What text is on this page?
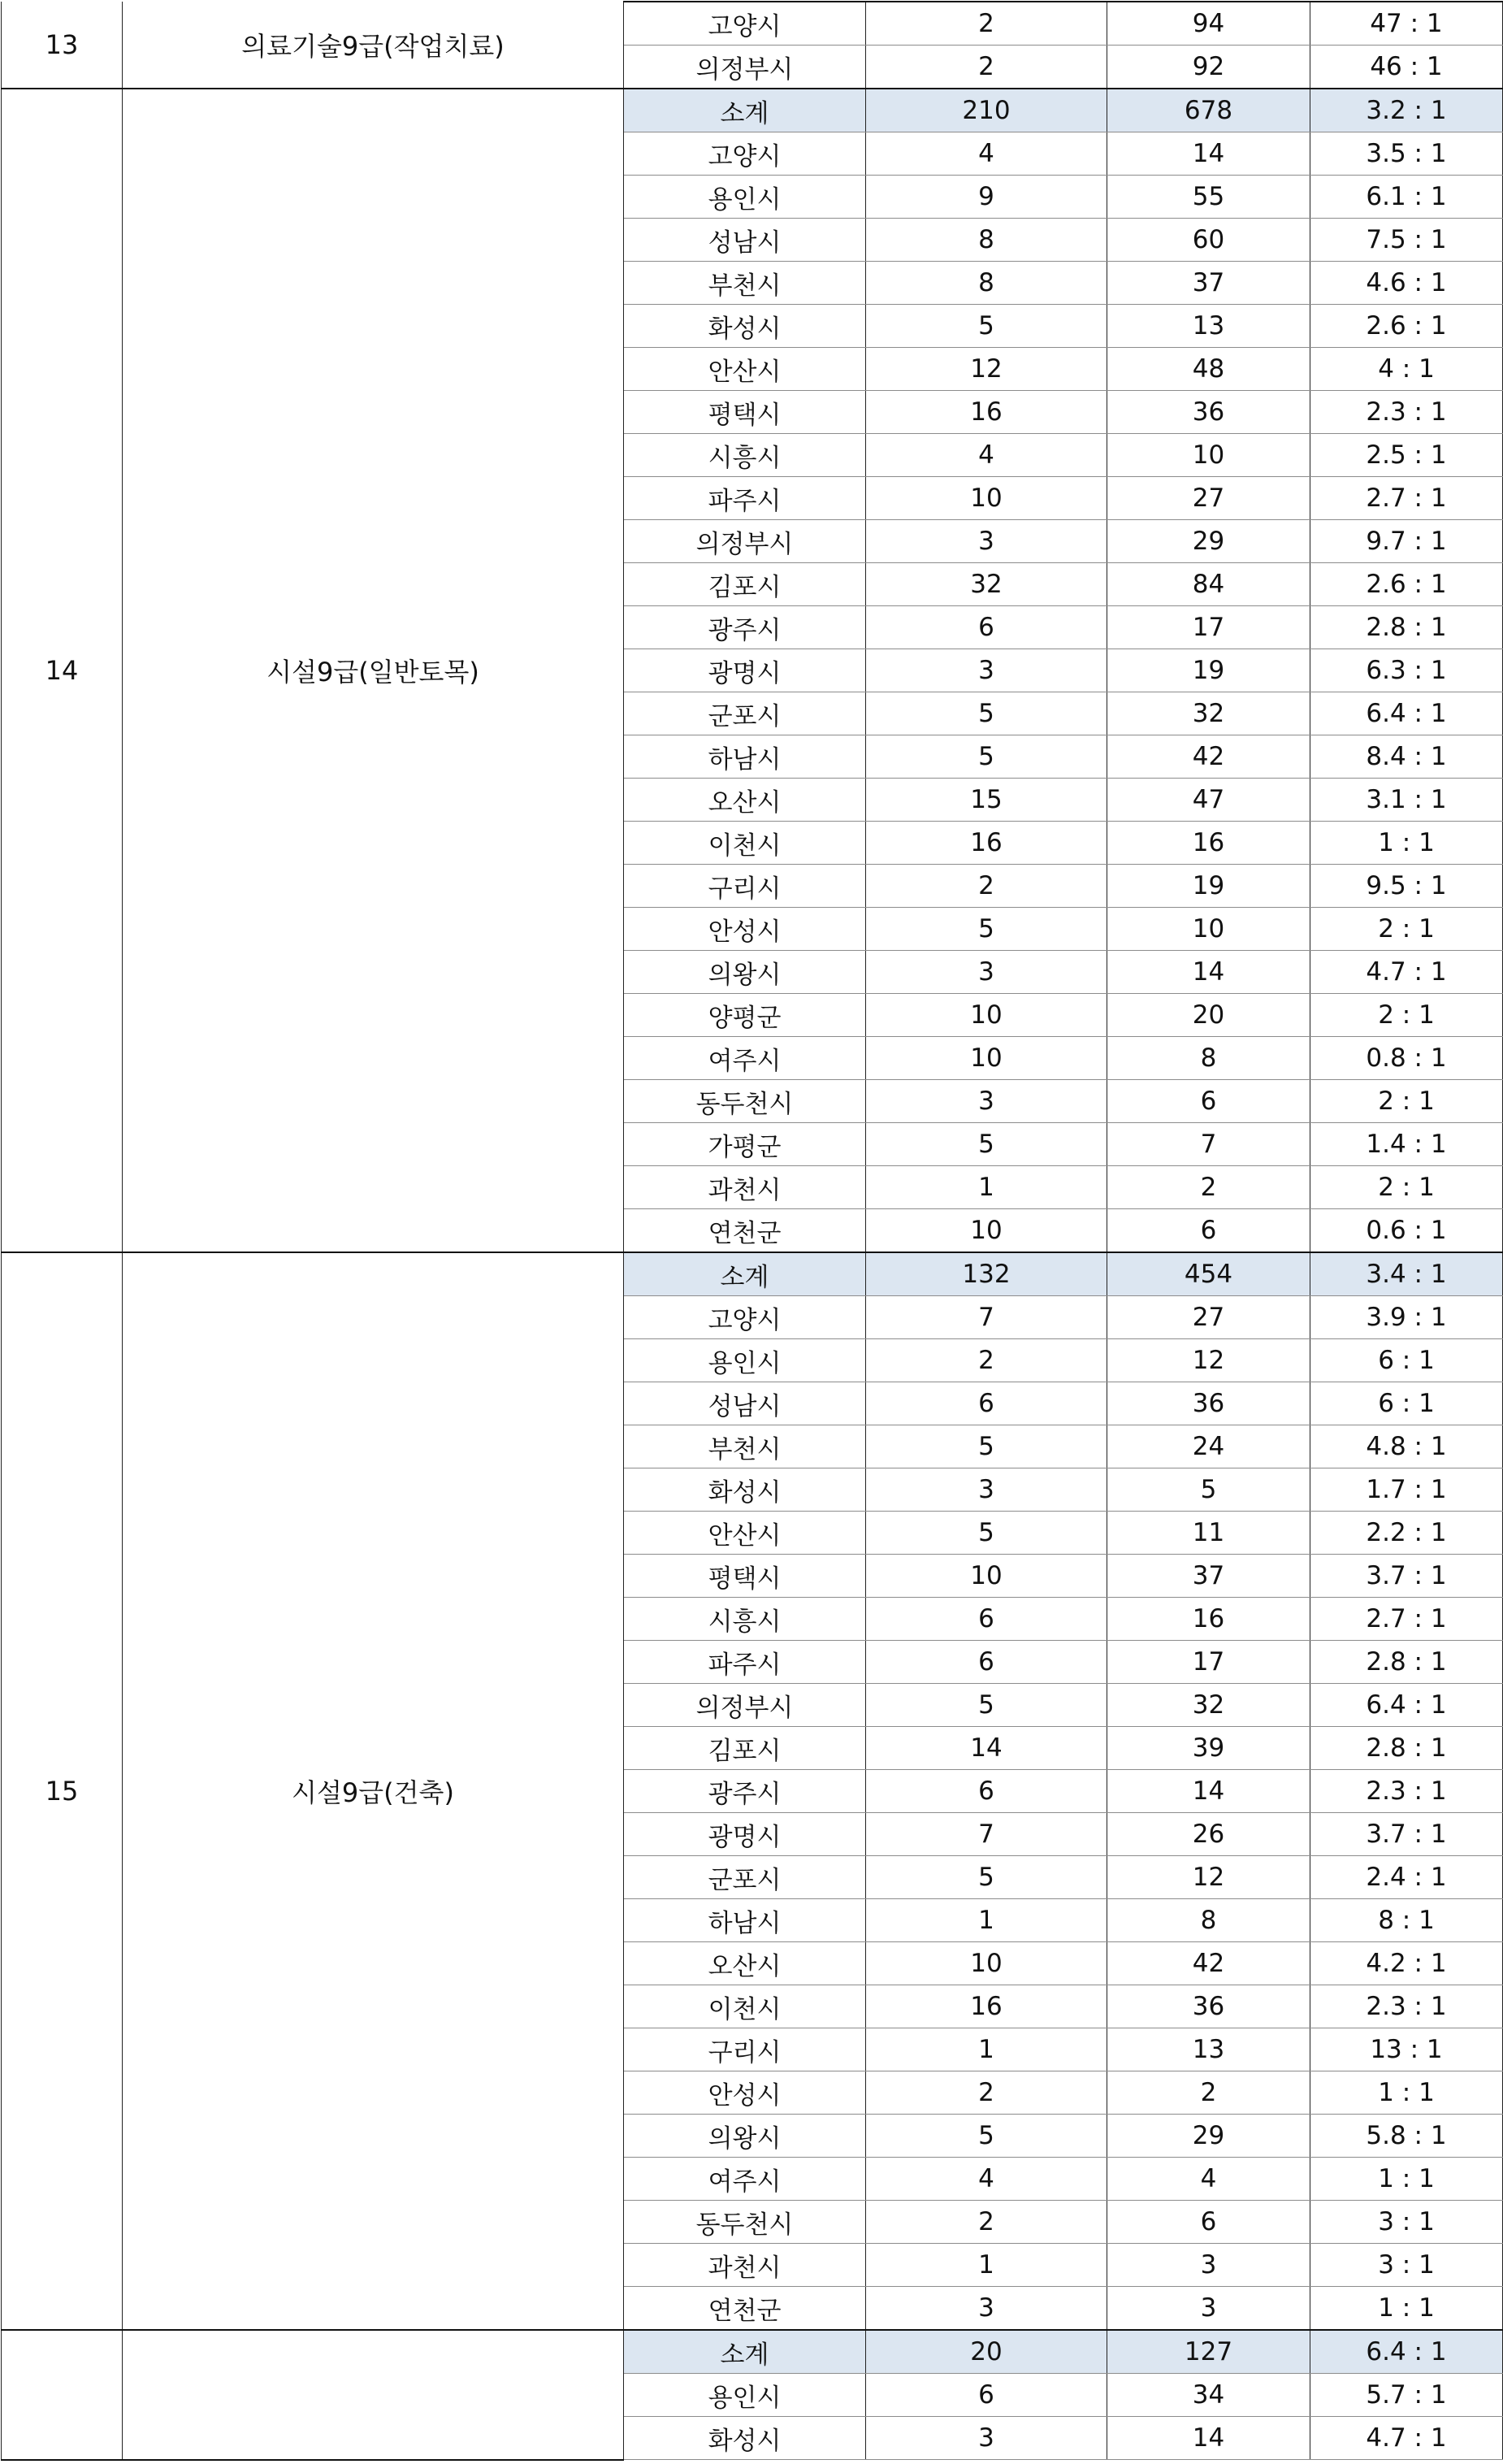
13	의료기술9급(작업치료)	고양시	2	94	47 : 1
		의정부시	2	92	46 : 1
14	시설9급(일반토목)	소계	210	678	3.2 : 1
		고양시	4	14	3.5 : 1
		용인시	9	55	6.1 : 1
		성남시	8	60	7.5 : 1
		부천시	8	37	4.6 : 1
		화성시	5	13	2.6 : 1
		안산시	12	48	4 : 1
		평택시	16	36	2.3 : 1
		시흥시	4	10	2.5 : 1
		파주시	10	27	2.7 : 1
		의정부시	3	29	9.7 : 1
		김포시	32	84	2.6 : 1
		광주시	6	17	2.8 : 1
		광명시	3	19	6.3 : 1
		군포시	5	32	6.4 : 1
		하남시	5	42	8.4 : 1
		오산시	15	47	3.1 : 1
		이천시	16	16	1 : 1
		구리시	2	19	9.5 : 1
		안성시	5	10	2 : 1
		의왕시	3	14	4.7 : 1
		양평군	10	20	2 : 1
		여주시	10	8	0.8 : 1
		동두천시	3	6	2 : 1
		가평군	5	7	1.4 : 1
		과천시	1	2	2 : 1
		연천군	10	6	0.6 : 1
15	시설9급(건축)	소계	132	454	3.4 : 1
		고양시	7	27	3.9 : 1
		용인시	2	12	6 : 1
		성남시	6	36	6 : 1
		부천시	5	24	4.8 : 1
		화성시	3	5	1.7 : 1
		안산시	5	11	2.2 : 1
		평택시	10	37	3.7 : 1
		시흥시	6	16	2.7 : 1
		파주시	6	17	2.8 : 1
		의정부시	5	32	6.4 : 1
		김포시	14	39	2.8 : 1
		광주시	6	14	2.3 : 1
		광명시	7	26	3.7 : 1
		군포시	5	12	2.4 : 1
		하남시	1	8	8 : 1
		오산시	10	42	4.2 : 1
		이천시	16	36	2.3 : 1
		구리시	1	13	13 : 1
		안성시	2	2	1 : 1
		의왕시	5	29	5.8 : 1
		여주시	4	4	1 : 1
		동두천시	2	6	3 : 1
		과천시	1	3	3 : 1
		연천군	3	3	1 : 1
		소계	20	127	6.4 : 1
		용인시	6	34	5.7 : 1
		화성시	3	14	4.7 : 1
